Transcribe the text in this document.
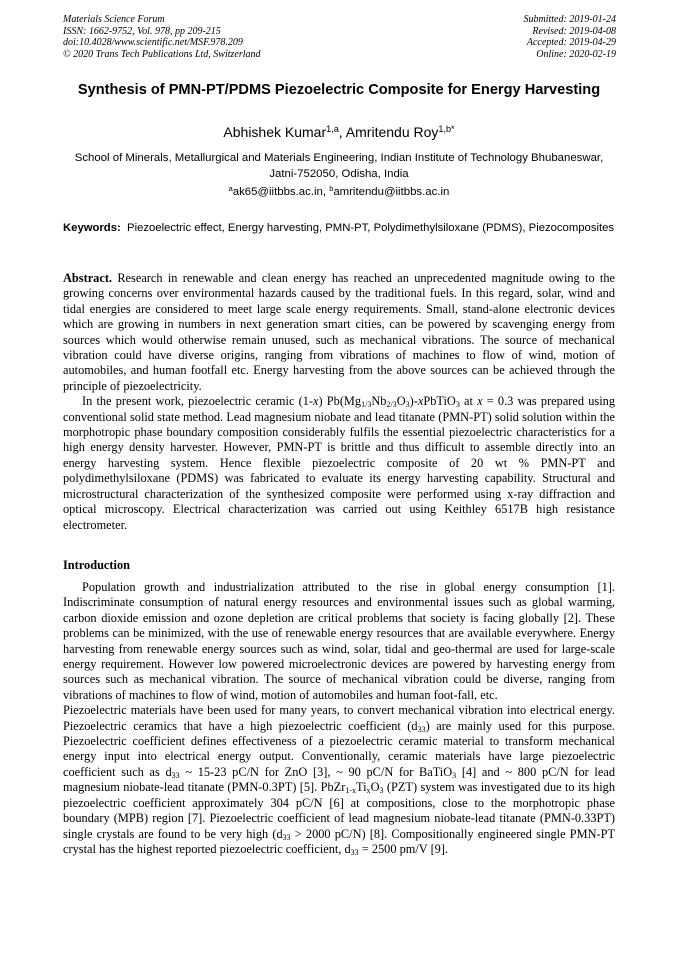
Materials Science Forum
ISSN: 1662-9752, Vol. 978, pp 209-215
doi:10.4028/www.scientific.net/MSF.978.209
© 2020 Trans Tech Publications Ltd, Switzerland
Submitted: 2019-01-24
Revised: 2019-04-08
Accepted: 2019-04-29
Online: 2020-02-19
Synthesis of PMN-PT/PDMS Piezoelectric Composite for Energy Harvesting
Abhishek Kumar$^{1,a}$, Amritendu Roy$^{1,b*}$
School of Minerals, Metallurgical and Materials Engineering, Indian Institute of Technology Bhubaneswar, Jatni-752050, Odisha, India
$^a$ak65@iitbbs.ac.in, $^b$amritendu@iitbbs.ac.in
Keywords: Piezoelectric effect, Energy harvesting, PMN-PT, Polydimethylsiloxane (PDMS), Piezocomposites

Abstract. Research in renewable and clean energy has reached an unprecedented magnitude owing to the growing concerns over environmental hazards caused by the traditional fuels. In this regard, solar, wind and tidal energies are considered to meet large scale energy requirements. Small, stand-alone electronic devices which are growing in numbers in next generation smart cities, can be powered by scavenging energy from sources which would otherwise remain unused, such as mechanical vibrations. The source of mechanical vibration could have diverse origins, ranging from vibrations of machines to flow of wind, motion of automobiles, and human footfall etc. Energy harvesting from the above sources can be achieved through the principle of piezoelectricity.

In the present work, piezoelectric ceramic (1-x) $Pb(Mg_{1/3}Nb_{2/3}O_3)-xPbTiO_3$ at x = 0.3 was prepared using conventional solid state method. Lead magnesium niobate and lead titanate (PMN-PT) solid solution within the morphotropic phase boundary composition considerably fulfils the essential piezoelectric characteristics for a high energy density harvester. However, PMN-PT is brittle and thus difficult to assemble directly into an energy harvesting system. Hence flexible piezoelectric composite of 20 wt % PMN-PT and polydimethylsiloxane (PDMS) was fabricated to evaluate its energy harvesting capability. Structural and microstructural characterization of the synthesized composite were performed using x-ray diffraction and optical microscopy. Electrical characterization was carried out using Keithley 6517B high resistance electrometer.

Introduction

Population growth and industrialization attributed to the rise in global energy consumption [1]. Indiscriminate consumption of natural energy resources and environmental issues such as global warming, carbon dioxide emission and ozone depletion are critical problems that society is facing globally [2]. These problems can be minimized, with the use of renewable energy resources that are available everywhere. Energy harvesting from renewable energy sources such as wind, solar, tidal and geo-thermal are used for large-scale energy requirement. However low powered microelectronic devices are powered by harvesting energy from sources such as mechanical vibration. The source of mechanical vibration could be diverse, ranging from vibrations of machines to flow of wind, motion of automobiles and human foot-fall, etc.

Piezoelectric materials have been used for many years, to convert mechanical vibration into electrical energy. Piezoelectric ceramics that have a high piezoelectric coefficient $(d_{33})$ are mainly used for this purpose. Piezoelectric coefficient defines effectiveness of a piezoelectric ceramic material to transform mechanical energy input into electrical energy output. Conventionally, ceramic materials have large piezoelectric coefficient such as $d_{33}$ ~ 15-23 pC/N for ZnO [3], ~ 90 pC/N for BaTiO$_3$ [4] and ~ 800 pC/N for lead magnesium niobate-lead titanate (PMN-0.3PT) [5]. $PbZr_{1-x}Ti_xO_3$ (PZT) system was investigated due to its high piezoelectric coefficient approximately 304 pC/N [6] at compositions, close to the morphotropic phase boundary (MPB) region [7]. Piezoelectric coefficient of lead magnesium niobate-lead titanate (PMN-0.33PT) single crystals are found to be very high ($d_{33} > 2000$ pC/N) [8]. Compositionally engineered single PMN-PT crystal has the highest reported piezoelectric coefficient, $d_{33} = 2500$ pm/V [9].
